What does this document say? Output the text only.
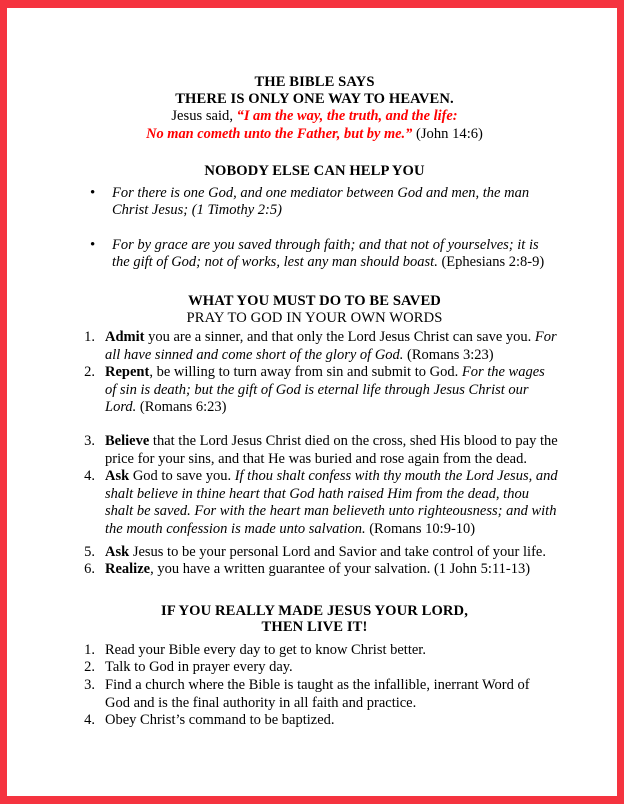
THE BIBLE SAYS
THERE IS ONLY ONE WAY TO HEAVEN.
Jesus said, “I am the way, the truth, and the life:
No man cometh unto the Father, but by me.” (John 14:6)
NOBODY ELSE CAN HELP YOU
• For there is one God, and one mediator between God and men, the man Christ Jesus; (1 Timothy 2:5)
• For by grace are you saved through faith; and that not of yourselves; it is the gift of God; not of works, lest any man should boast. (Ephesians 2:8-9)
WHAT YOU MUST DO TO BE SAVED
PRAY TO GOD IN YOUR OWN WORDS
1. Admit you are a sinner, and that only the Lord Jesus Christ can save you. For all have sinned and come short of the glory of God. (Romans 3:23)
2. Repent, be willing to turn away from sin and submit to God. For the wages of sin is death; but the gift of God is eternal life through Jesus Christ our Lord. (Romans 6:23)
3. Believe that the Lord Jesus Christ died on the cross, shed His blood to pay the price for your sins, and that He was buried and rose again from the dead.
4. Ask God to save you. If thou shalt confess with thy mouth the Lord Jesus, and shalt believe in thine heart that God hath raised Him from the dead, thou shalt be saved. For with the heart man believeth unto righteousness; and with the mouth confession is made unto salvation. (Romans 10:9-10)
5. Ask Jesus to be your personal Lord and Savior and take control of your life.
6. Realize, you have a written guarantee of your salvation. (1 John 5:11-13)
IF YOU REALLY MADE JESUS YOUR LORD,
THEN LIVE IT!
1. Read your Bible every day to get to know Christ better.
2. Talk to God in prayer every day.
3. Find a church where the Bible is taught as the infallible, inerrant Word of God and is the final authority in all faith and practice.
4. Obey Christ’s command to be baptized.
